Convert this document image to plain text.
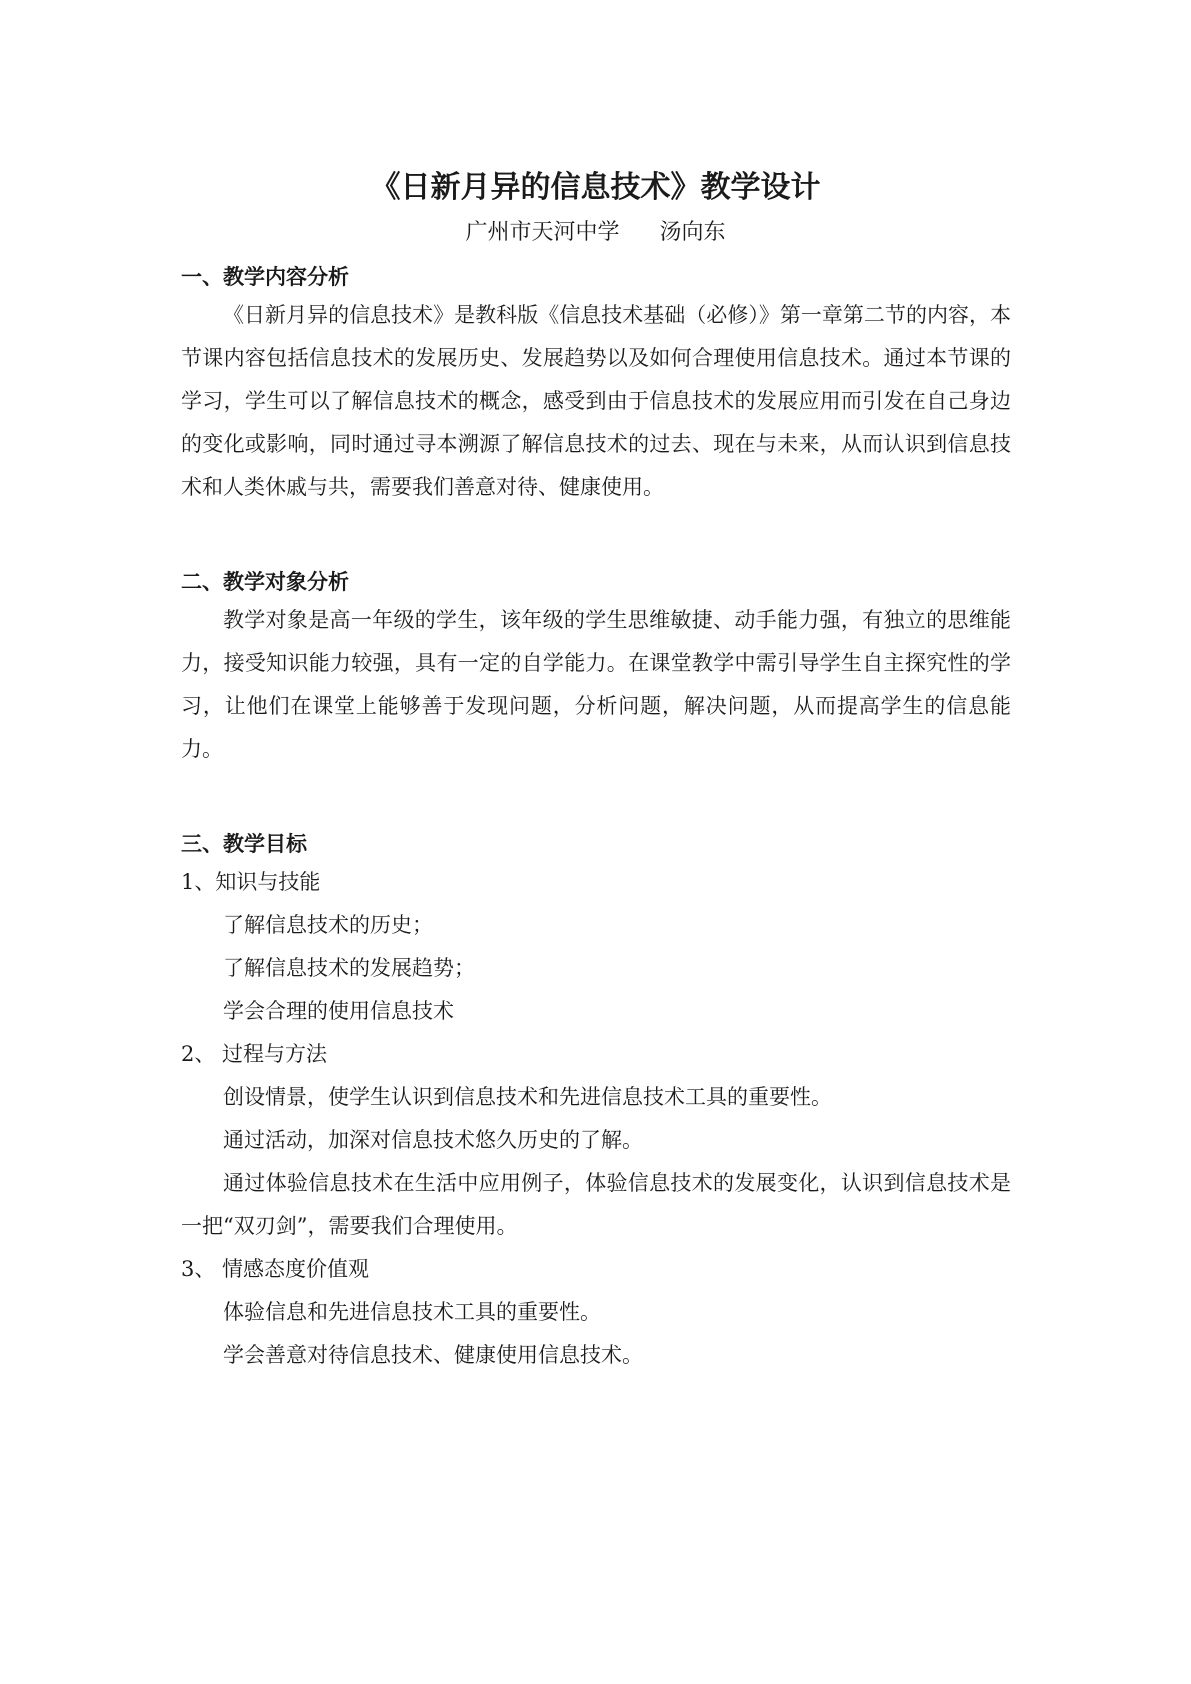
《日新月异的信息技术》教学设计
广州市天河中学 汤向东

一、教学内容分析

《日新月异的信息技术》是教科版《信息技术基础（必修）》第一章第二节的内容，本节课内容包括信息技术的发展历史、发展趋势以及如何合理使用信息技术。通过本节课的学习，学生可以了解信息技术的概念，感受到由于信息技术的发展应用而引发在自己身边的变化或影响，同时通过寻本溯源了解信息技术的过去、现在与未来，从而认识到信息技术和人类休戚与共，需要我们善意对待、健康使用。

二、教学对象分析

教学对象是高一年级的学生，该年级的学生思维敏捷、动手能力强，有独立的思维能力，接受知识能力较强，具有一定的自学能力。在课堂教学中需引导学生自主探究性的学习，让他们在课堂上能够善于发现问题，分析问题，解决问题，从而提高学生的信息能力。

三、教学目标

1、知识与技能

了解信息技术的历史；

了解信息技术的发展趋势；

学会合理的使用信息技术

2、 过程与方法

创设情景，使学生认识到信息技术和先进信息技术工具的重要性。

通过活动，加深对信息技术悠久历史的了解。

通过体验信息技术在生活中应用例子，体验信息技术的发展变化，认识到信息技术是一把“双刃剑”，需要我们合理使用。

3、 情感态度价值观

体验信息和先进信息技术工具的重要性。

学会善意对待信息技术、健康使用信息技术。
